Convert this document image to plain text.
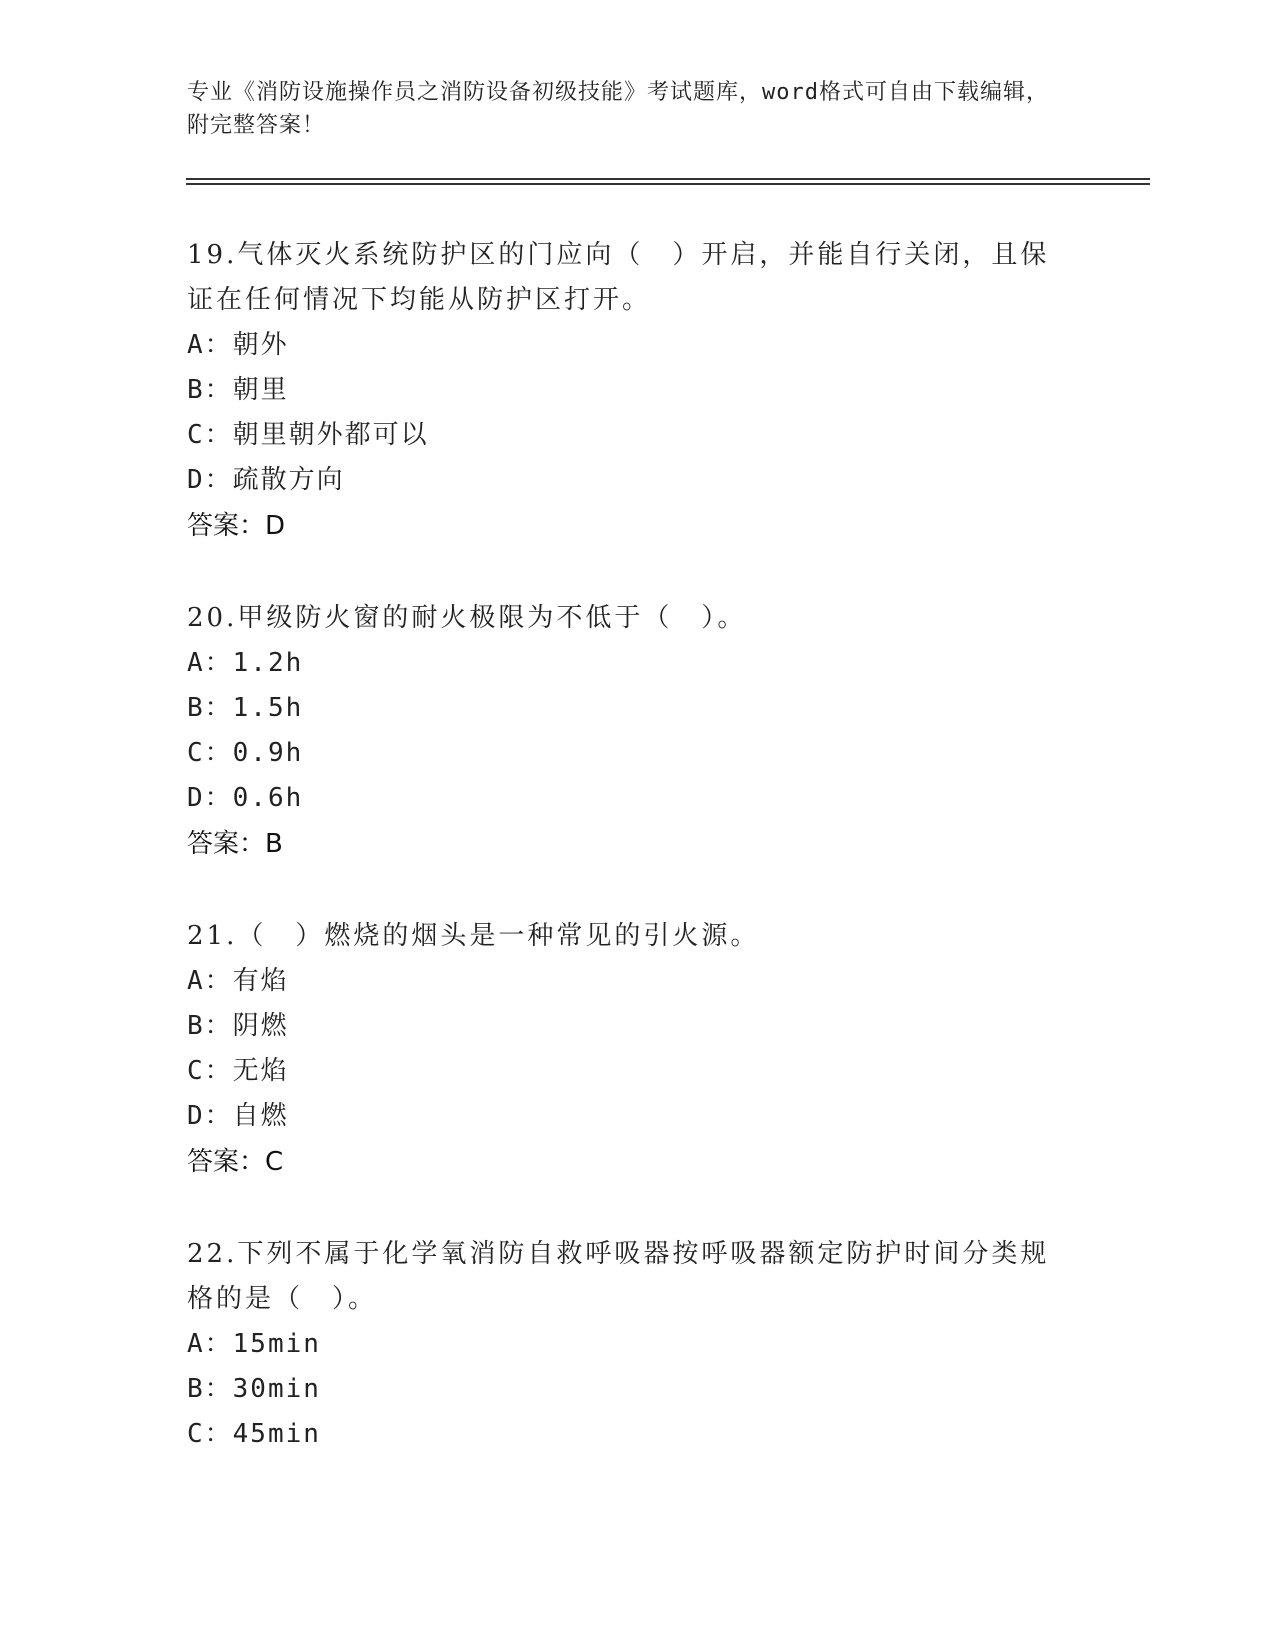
专业《消防设施操作员之消防设备初级技能》考试题库，word格式可自由下载编辑，附完整答案！

19.气体灭火系统防护区的门应向（　）开启，并能自行关闭，且保证在任何情况下均能从防护区打开。

A：朝外

B：朝里

C：朝里朝外都可以

D：疏散方向

答案：D

20.甲级防火窗的耐火极限为不低于（　）。

A：1.2h

B：1.5h

C：0.9h

D：0.6h

答案：B

21.（　）燃烧的烟头是一种常见的引火源。

A：有焰

B：阴燃

C：无焰

D：自燃

答案：C

22.下列不属于化学氧消防自救呼吸器按呼吸器额定防护时间分类规格的是（　）。

A：15min

B：30min

C：45min
